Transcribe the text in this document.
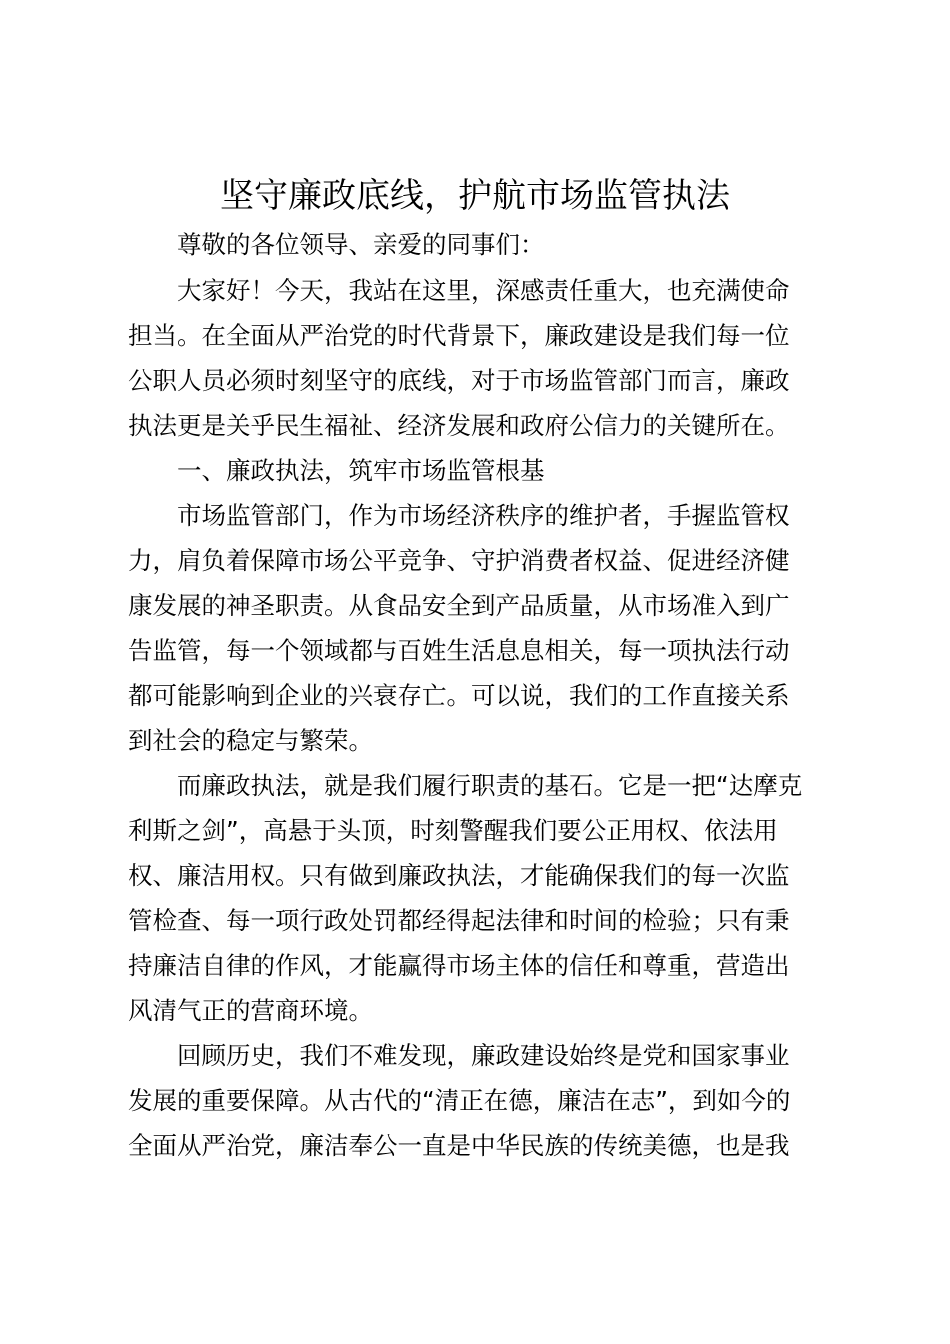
坚守廉政底线，护航市场监管执法
尊敬的各位领导、亲爱的同事们：
大家好！今天，我站在这里，深感责任重大，也充满使命
担当。在全面从严治党的时代背景下，廉政建设是我们每一位
公职人员必须时刻坚守的底线，对于市场监管部门而言，廉政
执法更是关乎民生福祉、经济发展和政府公信力的关键所在。
一、廉政执法，筑牢市场监管根基
市场监管部门，作为市场经济秩序的维护者，手握监管权
力，肩负着保障市场公平竞争、守护消费者权益、促进经济健
康发展的神圣职责。从食品安全到产品质量，从市场准入到广
告监管，每一个领域都与百姓生活息息相关，每一项执法行动
都可能影响到企业的兴衰存亡。可以说，我们的工作直接关系
到社会的稳定与繁荣。
而廉政执法，就是我们履行职责的基石。它是一把“达摩克
利斯之剑”，高悬于头顶，时刻警醒我们要公正用权、依法用
权、廉洁用权。只有做到廉政执法，才能确保我们的每一次监
管检查、每一项行政处罚都经得起法律和时间的检验；只有秉
持廉洁自律的作风，才能赢得市场主体的信任和尊重，营造出
风清气正的营商环境。
回顾历史，我们不难发现，廉政建设始终是党和国家事业
发展的重要保障。从古代的“清正在德，廉洁在志”，到如今的
全面从严治党，廉洁奉公一直是中华民族的传统美德，也是我
